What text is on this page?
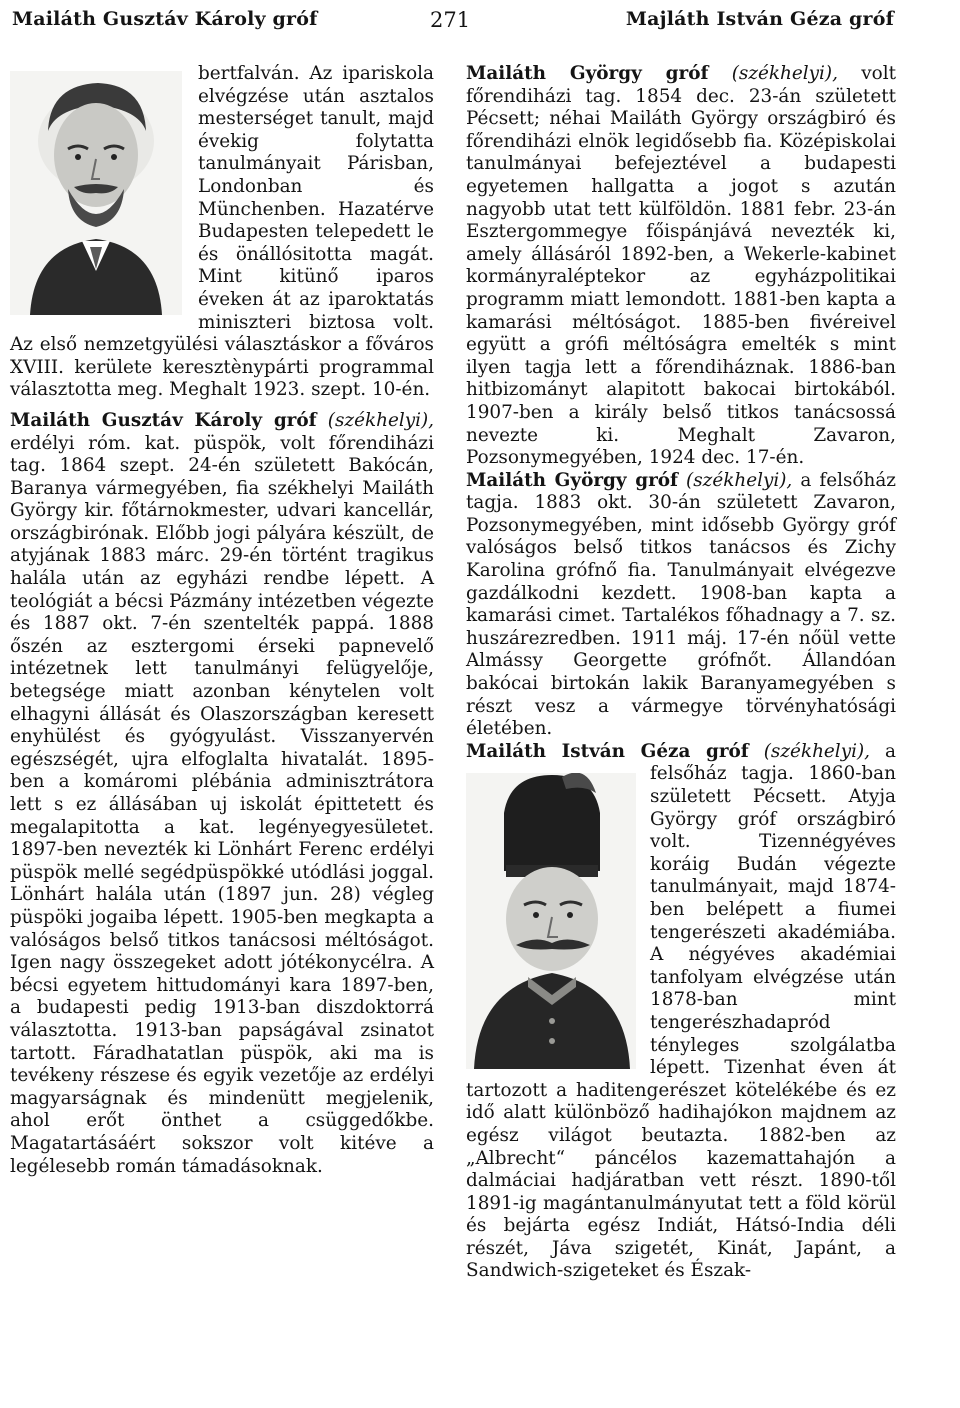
Mailáth Gusztáv Károly gróf	271	Majláth István Géza gróf

bertfalván. Az ipariskola elvégzése után asztalos mesterséget tanult, majd évekig folytatta tanulmányait Párisban, Londonban és Münchenben. Hazatérve Budapesten telepedett le és önállósitotta magát. Mint kitünő iparos éveken át az iparoktatás miniszteri biztosa volt. Az első nemzetgyülési választáskor a főváros XVIII. kerülete keresztènypárti programmal választotta meg. Meghalt 1923. szept. 10-én.

Mailáth Gusztáv Károly gróf (székhelyi), erdélyi róm. kat. püspök, volt főrendiházi tag. 1864 szept. 24-én született Bakócán, Baranya vármegyében, fia székhelyi Mailáth György kir. főtárnokmester, udvari kancellár, országbirónak. Előbb jogi pályára készült, de atyjának 1883 márc. 29-én történt tragikus halála után az egyházi rendbe lépett. A teológiát a bécsi Pázmány intézetben végezte és 1887 okt. 7-én szentelték pappá. 1888 őszén az esztergomi érseki papnevelő intézetnek lett tanulmányi felügyelője, betegsége miatt azonban kénytelen volt elhagyni állását és Olaszországban keresett enyhülést és gyógyulást. Visszanyervén egészségét, ujra elfoglalta hivatalát. 1895-ben a komáromi plébánia adminisztrátora lett s ez állásában uj iskolát épittetett és megalapitotta a kat. legényegyesületet. 1897-ben nevezték ki Lönhárt Ferenc erdélyi püspök mellé segédpüspökké utódlási joggal. Lönhárt halála után (1897 jun. 28) végleg püspöki jogaiba lépett. 1905-ben megkapta a valóságos belső titkos tanácsosi méltóságot. Igen nagy összegeket adott jótékonycélra. A bécsi egyetem hittudományi kara 1897-ben, a budapesti pedig 1913-ban diszdoktorrá választotta. 1913-ban papságával zsinatot tartott. Fáradhatatlan püspök, aki ma is tevékeny részese és egyik vezetője az erdélyi magyarságnak és mindenütt megjelenik, ahol erőt önthet a csüggedőkbe. Magatartásáért sokszor volt kitéve a legélesebb román támadásoknak.

Mailáth György gróf (székhelyi), volt főrendiházi tag. 1854 dec. 23-án született Pécsett; néhai Mailáth György országbiró és főrendiházi elnök legidősebb fia. Középiskolai tanulmányai befejeztével a budapesti egyetemen hallgatta a jogot s azután nagyobb utat tett külföldön. 1881 febr. 23-án Esztergommegye főispánjává nevezték ki, amely állásáról 1892-ben, a Wekerle-kabinet kormányraléptekor az egyházpolitikai programm miatt lemondott. 1881-ben kapta a kamarási méltóságot. 1885-ben fivéreivel együtt a grófi méltóságra emelték s mint ilyen tagja lett a főrendiháznak. 1886-ban hitbizományt alapitott bakocai birtokából. 1907-ben a király belső titkos tanácsossá nevezte ki. Meghalt Zavaron, Pozsonymegyében, 1924 dec. 17-én.

Mailáth György gróf (székhelyi), a felsőház tagja. 1883 okt. 30-án született Zavaron, Pozsonymegyében, mint idősebb György gróf valóságos belső titkos tanácsos és Zichy Karolina grófnő fia. Tanulmányait elvégezve gazdálkodni kezdett. 1908-ban kapta a kamarási cimet. Tartalékos főhadnagy a 7. sz. huszárezredben. 1911 máj. 17-én nőül vette Almássy Georgette grófnőt. Állandóan bakócai birtokán lakik Baranyamegyében s részt vesz a vármegye törvényhatósági életében.

Mailáth István Géza gróf (székhelyi), a felsőház tagja. 1860-ban született Pécsett. Atyja György gróf országbiró volt. Tizennégyéves koráig Budán végezte tanulmányait, majd 1874-ben belépett a fiumei tengerészeti akadémiába. A négyéves akadémiai tanfolyam elvégzése után 1878-ban mint tengerészhadapród tényleges szolgálatba lépett. Tizenhat éven át tartozott a haditengerészet kötelékébe és ez idő alatt különböző hadihajókon majdnem az egész világot beutazta. 1882-ben az „Albrecht“ páncélos kazemattahajón a dalmáciai hadjáratban vett részt. 1890-től 1891-ig magántanulmányutat tett a föld körül és bejárta egész Indiát, Hátsó-India déli részét, Jáva szigetét, Kinát, Japánt, a Sandwich-szigeteket és Észak-
